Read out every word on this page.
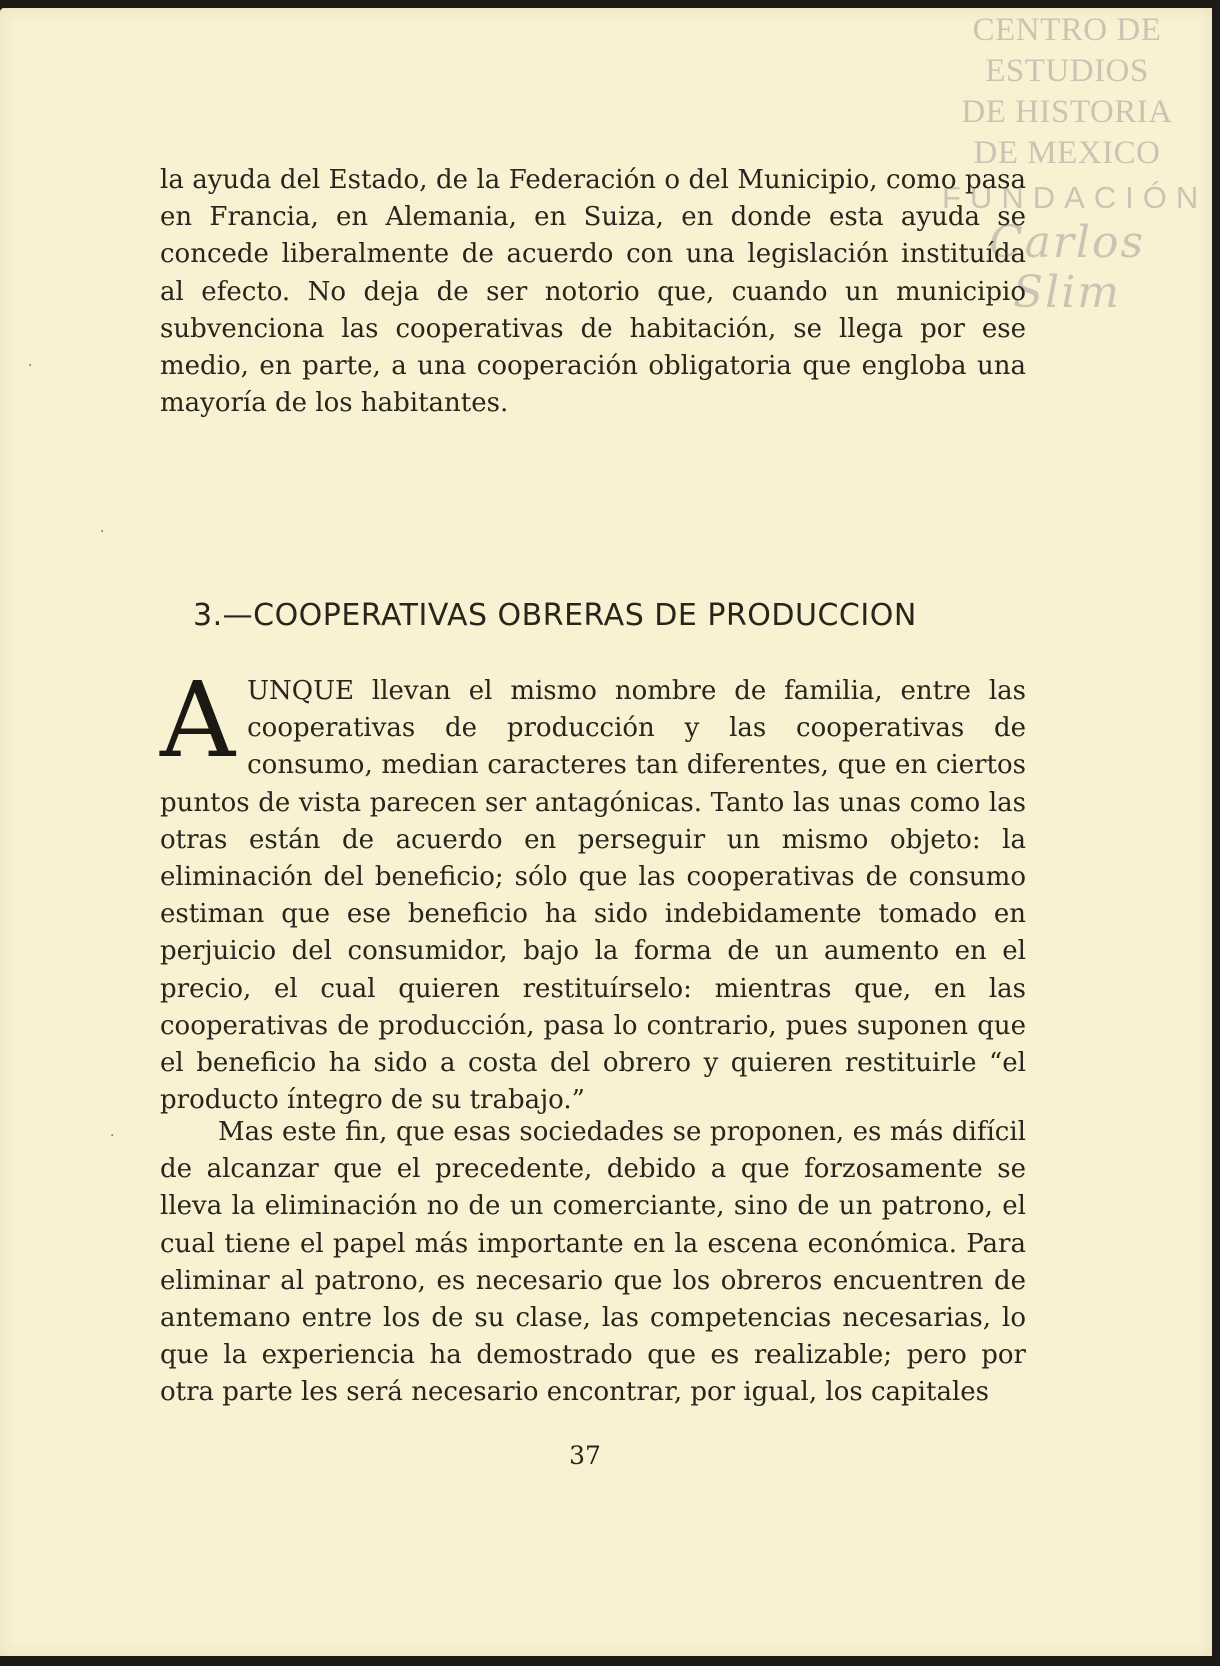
CENTRO DE
ESTUDIOS
DE HISTORIA
DE MEXICO
FUNDACIÓN
Carlos Slim

la ayuda del Estado, de la Federación o del Municipio, como pasa en Francia, en Alemania, en Suiza, en donde esta ayuda se concede liberalmente de acuerdo con una legislación instituída al efecto. No deja de ser notorio que, cuando un municipio subvenciona las cooperativas de habitación, se llega por ese medio, en parte, a una cooperación obligatoria que engloba una mayoría de los habitantes.

3.—COOPERATIVAS OBRERAS DE PRODUCCION

AUNQUE llevan el mismo nombre de familia, entre las cooperativas de producción y las cooperativas de consumo, median caracteres tan diferentes, que en ciertos puntos de vista parecen ser antagónicas. Tanto las unas como las otras están de acuerdo en perseguir un mismo objeto: la eliminación del beneficio; sólo que las cooperativas de consumo estiman que ese beneficio ha sido indebidamente tomado en perjuicio del consumidor, bajo la forma de un aumento en el precio, el cual quieren restituírselo: mientras que, en las cooperativas de producción, pasa lo contrario, pues suponen que el beneficio ha sido a costa del obrero y quieren restituirle “el producto íntegro de su trabajo.”

Mas este fin, que esas sociedades se proponen, es más difícil de alcanzar que el precedente, debido a que forzosamente se lleva la eliminación no de un comerciante, sino de un patrono, el cual tiene el papel más importante en la escena económica. Para eliminar al patrono, es necesario que los obreros encuentren de antemano entre los de su clase, las competencias necesarias, lo que la experiencia ha demostrado que es realizable; pero por otra parte les será necesario encontrar, por igual, los capitales

37
·
·
·
